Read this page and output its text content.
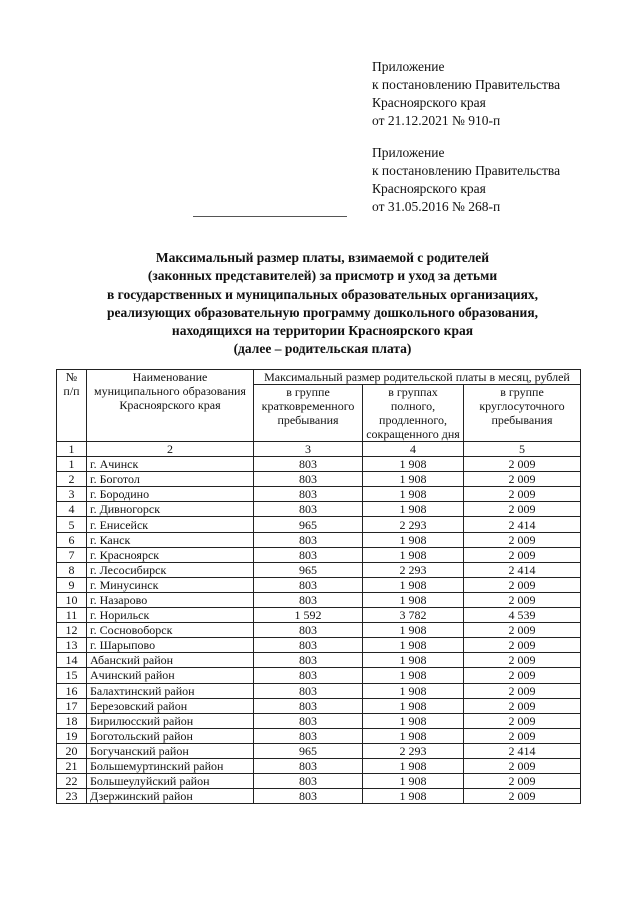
Приложение
к постановлению Правительства
Красноярского края
от 21.12.2021 № 910-п
Приложение
к постановлению Правительства
Красноярского края
от 31.05.2016 № 268-п
Максимальный размер платы, взимаемой с родителей
(законных представителей) за присмотр и уход за детьми
в государственных и муниципальных образовательных организациях,
реализующих образовательную программу дошкольного образования,
находящихся на территории Красноярского края
(далее – родительская плата)
№
п/п	Наименование муниципального образования Красноярского края	Максимальный размер родительской платы в месяц, рублей		
		в группе кратковременного пребывания	в группах полного, продленного, сокращенного дня	в группе круглосуточного пребывания
1	2	3	4	5
1	г. Ачинск	803	1 908	2 009
2	г. Боготол	803	1 908	2 009
3	г. Бородино	803	1 908	2 009
4	г. Дивногорск	803	1 908	2 009
5	г. Енисейск	965	2 293	2 414
6	г. Канск	803	1 908	2 009
7	г. Красноярск	803	1 908	2 009
8	г. Лесосибирск	965	2 293	2 414
9	г. Минусинск	803	1 908	2 009
10	г. Назарово	803	1 908	2 009
11	г. Норильск	1 592	3 782	4 539
12	г. Сосновоборск	803	1 908	2 009
13	г. Шарыпово	803	1 908	2 009
14	Абанский район	803	1 908	2 009
15	Ачинский район	803	1 908	2 009
16	Балахтинский район	803	1 908	2 009
17	Березовский район	803	1 908	2 009
18	Бирилюсский район	803	1 908	2 009
19	Боготольский район	803	1 908	2 009
20	Богучанский район	965	2 293	2 414
21	Большемуртинский район	803	1 908	2 009
22	Большеулуйский район	803	1 908	2 009
23	Дзержинский район	803	1 908	2 009
